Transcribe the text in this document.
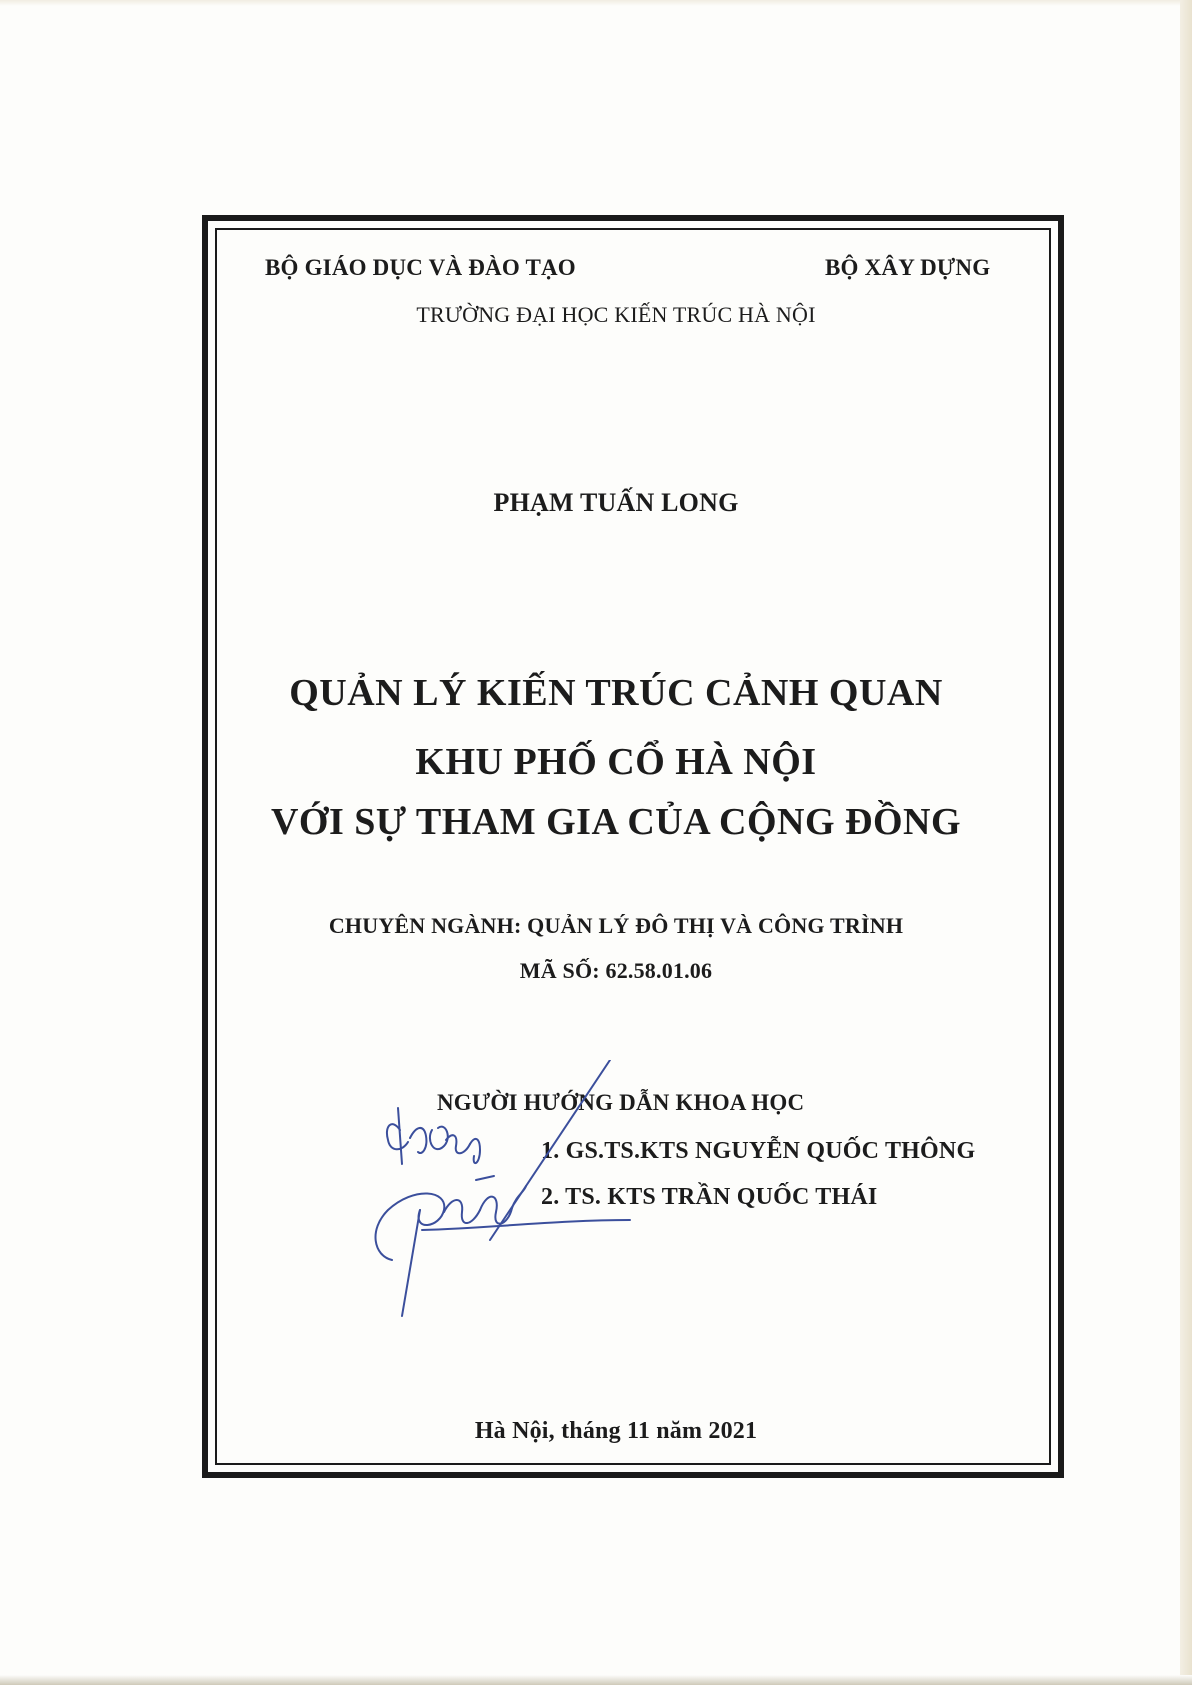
BỘ GIÁO DỤC VÀ ĐÀO TẠO	BỘ XÂY DỰNG
TRƯỜNG ĐẠI HỌC KIẾN TRÚC HÀ NỘI
PHẠM TUẤN LONG
QUẢN LÝ KIẾN TRÚC CẢNH QUAN
KHU PHỐ CỔ HÀ NỘI
VỚI SỰ THAM GIA CỦA CỘNG ĐỒNG
CHUYÊN NGÀNH: QUẢN LÝ ĐÔ THỊ VÀ CÔNG TRÌNH
MÃ SỐ: 62.58.01.06
NGƯỜI HƯỚNG DẪN KHOA HỌC
1. GS.TS.KTS NGUYỄN QUỐC THÔNG
2. TS. KTS TRẦN QUỐC THÁI
Hà Nội, tháng 11 năm 2021
